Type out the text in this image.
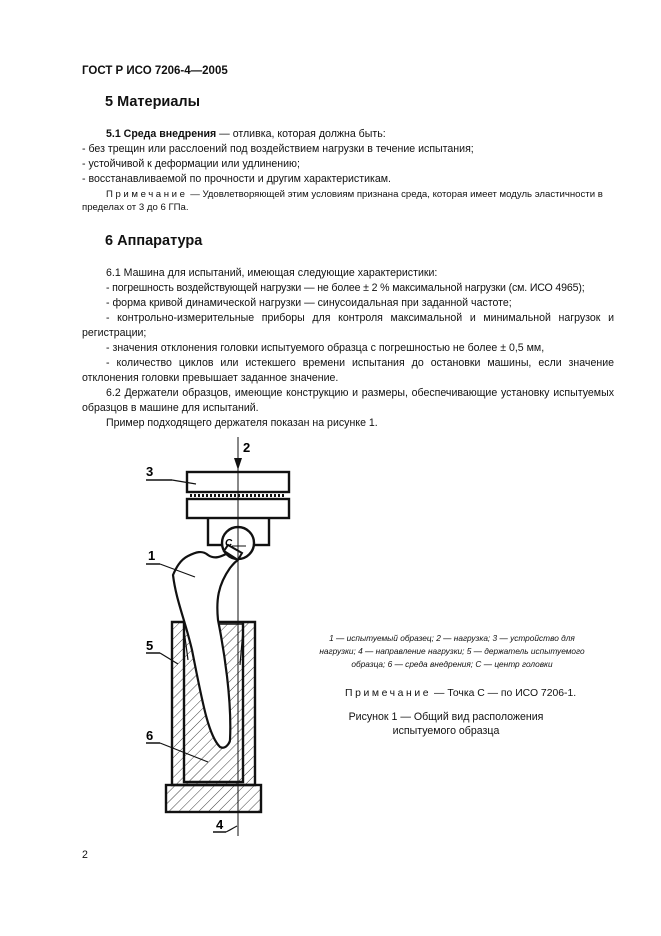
ГОСТ Р ИСО 7206-4—2005
5 Материалы
5.1 Среда внедрения — отливка, которая должна быть:
- без трещин или расслоений под воздействием нагрузки в течение испытания;
- устойчивой к деформации или удлинению;
- восстанавливаемой по прочности и другим характеристикам.
Примечание — Удовлетворяющей этим условиям признана среда, которая имеет модуль эластичности в пределах от 3 до 6 ГПа.
6 Аппаратура
6.1 Машина для испытаний, имеющая следующие характеристики:
- погрешность воздействующей нагрузки — не более ± 2 % максимальной нагрузки (см. ИСО 4965);
- форма кривой динамической нагрузки — синусоидальная при заданной частоте;
- контрольно-измерительные приборы для контроля максимальной и минимальной нагрузок и регистрации;
- значения отклонения головки испытуемого образца с погрешностью не более ± 0,5 мм,
- количество циклов или истекшего времени испытания до остановки машины, если значение отклонения головки превышает заданное значение.
6.2 Держатели образцов, имеющие конструкцию и размеры, обеспечивающие установку испытуемых образцов в машине для испытаний.
Пример подходящего держателя показан на рисунке 1.
2
3
1
5
6
4
C
1 — испытуемый образец; 2 — нагрузка; 3 — устройство для нагрузки; 4 — направление нагрузки; 5 — держатель испытуемого образца; 6 — среда внедрения; C — центр головки
Примечание — Точка C — по ИСО 7206-1.
Рисунок 1 — Общий вид расположения испытуемого образца
2
